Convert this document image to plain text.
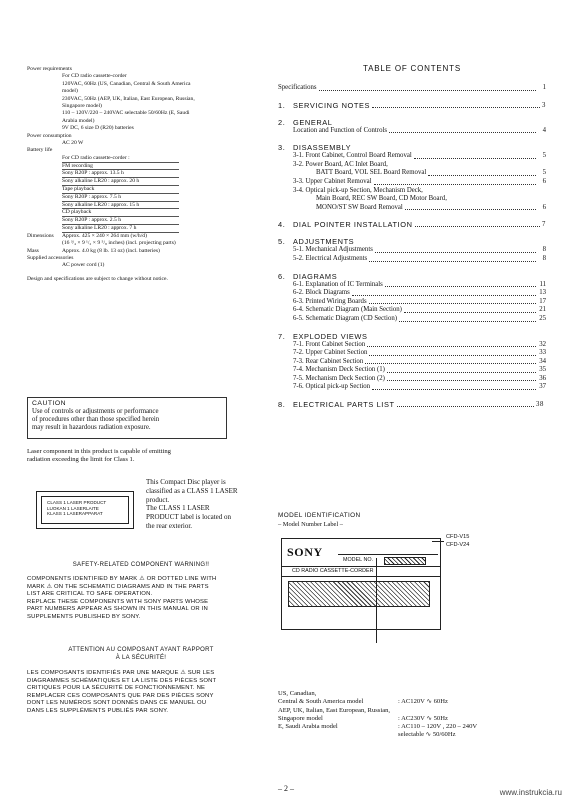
Power requirements
For CD radio cassette-corder
120VAC, 60Hz (US, Canadian, Central & South America
model)
230VAC, 50Hz (AEP, UK, Italian, East European, Russian,
Singapore model)
110 – 120V/220 – 240VAC selectable 50/60Hz (E, Saudi
Arabia model)
9V DC, 6 size D (R20) batteries
Power consumption
AC 20 W
Battery life
For CD radio cassette-corder :
FM recording
Sony R20P : approx. 13.5 h
Sony alkaline LR20 : approx. 20 h
Tape playback
Sony R20P : approx. 7.5 h
Sony alkaline LR20 : approx. 15 h
CD playback
Sony R20P : approx. 2.5 h
Sony alkaline LR20 : approx. 7 h
Dimensions	Approx. 425 × 240 × 264 mm (w/h/d)
(16 ³/₄ × 9 ¹/₂ × 9 ⁵/₈ inches) (incl. projecting parts)
Mass	Approx. 4.0 kg (8 lb. 13 oz) (incl. batteries)
Supplied accessories
AC power cord (1)
Design and specifications are subject to change without notice.
CAUTION
Use of controls or adjustments or performance
of procedures other than those specified herein
may result in hazardous radiation exposure.
Laser component in this product is capable of emitting
radiation exceeding the limit for Class 1.
CLASS 1 LASER PRODUCT
LUOKAN 1 LASERLAITE
KLASS 1 LASERAPPARAT
This Compact Disc player is
classified as a CLASS 1 LASER
product.
The CLASS 1 LASER
PRODUCT label is located on
the rear exterior.
SAFETY-RELATED COMPONENT WARNING!!
COMPONENTS IDENTIFIED BY MARK ⚠ OR DOTTED LINE WITH
MARK ⚠ ON THE SCHEMATIC DIAGRAMS AND IN THE PARTS
LIST ARE CRITICAL TO SAFE OPERATION.
REPLACE THESE COMPONENTS WITH SONY PARTS WHOSE
PART NUMBERS APPEAR AS SHOWN IN THIS MANUAL OR IN
SUPPLEMENTS PUBLISHED BY SONY.
ATTENTION AU COMPOSANT AYANT RAPPORT
À LA SÉCURITÉ!
LES COMPOSANTS IDENTIFIÉS PAR UNE MARQUE ⚠ SUR LES
DIAGRAMMES SCHÉMATIQUES ET LA LISTE DES PIÈCES SONT
CRITIQUES POUR LA SÉCURITÉ DE FONCTIONNEMENT. NE
REMPLACER CES COMPOSANTS QUE PAR DES PIÈCES SONY
DONT LES NUMÉROS SONT DONNÉS DANS CE MANUEL OU
DANS LES SUPPLÉMENTS PUBLIÉS PAR SONY.
TABLE OF CONTENTS
Specifications	1
1.	SERVICING NOTES	3
2.	GENERAL
Location and Function of Controls	4
3.	DISASSEMBLY
3-1. Front Cabinet, Control Board Removal	5
3-2. Power Board, AC Inlet Board,
BATT Board, VOL SEL Board Removal	5
3-3. Upper Cabinet Removal	6
3-4. Optical pick-up Section, Mechanism Deck,
Main Board, REC SW Board, CD Motor Board,
MONO/ST SW Board Removal	6
4.	DIAL POINTER INSTALLATION	7
5.	ADJUSTMENTS
5-1. Mechanical Adjustments	8
5-2. Electrical Adjustments	8
6.	DIAGRAMS
6-1. Explanation of IC Terminals	11
6-2. Block Diagrams	13
6-3. Printed Wiring Boards	17
6-4. Schematic Diagram (Main Section)	21
6-5. Schematic Diagram (CD Section)	25
7.	EXPLODED VIEWS
7-1. Front Cabinet Section	32
7-2. Upper Cabinet Section	33
7-3. Rear Cabinet Section	34
7-4. Mechanism Deck Section (1)	35
7-5. Mechanism Deck Section (2)	36
7-6. Optical pick-up Section	37
8.	ELECTRICAL PARTS LIST	38
MODEL IDENTIFICATION
– Model Number Label –
SONY
MODEL NO.
CD RADIO CASSETTE-CORDER
CFD-V15
CFD-V24
US, Canadian,
Central & South America model	: AC120V ∿ 60Hz
AEP, UK, Italian, East European, Russian,
Singapore model	: AC230V ∿ 50Hz
E, Saudi Arabia model	: AC110 – 120V , 220 – 240V
selectable ∿ 50/60Hz
– 2 –	www.instrukcia.ru
